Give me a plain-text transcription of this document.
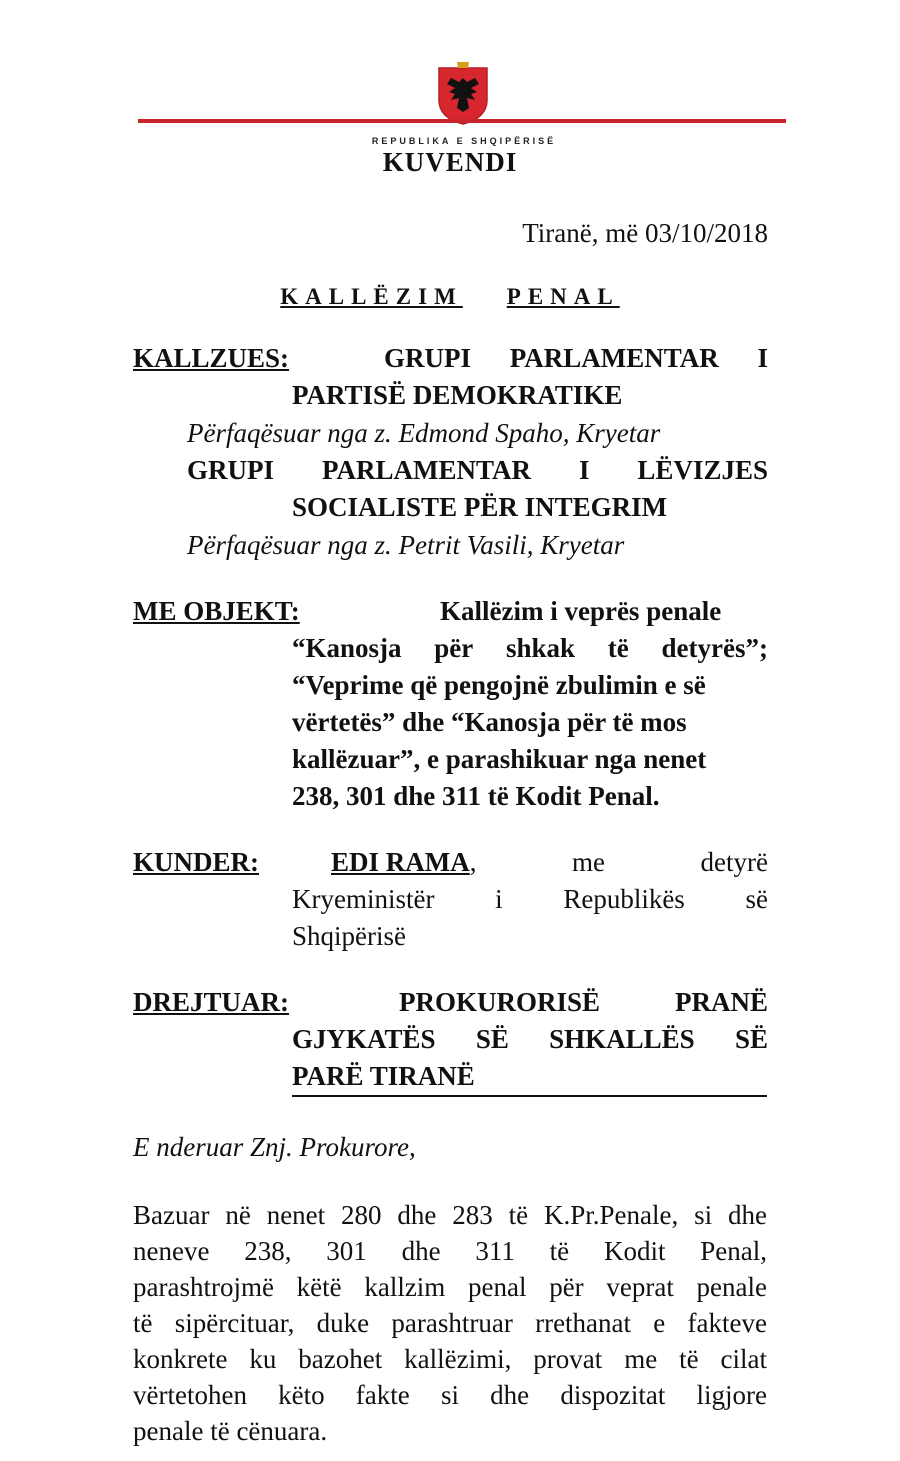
REPUBLIKA E SHQIPËRISË
KUVENDI
Tiranë, më 03/10/2018
KALLËZIM PENAL
KALLZUES:	GRUPI PARLAMENTAR I
PARTISË DEMOKRATIKE
Përfaqësuar nga z. Edmond Spaho, Kryetar
GRUPI PARLAMENTAR I LËVIZJES
SOCIALISTE PËR INTEGRIM
Përfaqësuar nga z. Petrit Vasili, Kryetar
ME OBJEKT:	Kallëzim i veprës penale
“Kanosja për shkak të detyrës”;
“Veprime që pengojnë zbulimin e së
vërtetës” dhe “Kanosja për të mos
kallëzuar”, e parashikuar nga nenet
238, 301 dhe 311 të Kodit Penal.
KUNDER:	EDI RAMA,	me	detyrë
Kryeministër i Republikës së
Shqipërisë
DREJTUAR:	PROKURORISË	PRANË
GJYKATËS SË SHKALLËS SË
PARË TIRANË
E nderuar Znj. Prokurore,
Bazuar në nenet 280 dhe 283 të K.Pr.Penale, si dhe
neneve 238, 301 dhe 311 të Kodit Penal,
parashtrojmë këtë kallzim penal për veprat penale
të sipërcituar, duke parashtruar rrethanat e fakteve
konkrete ku bazohet kallëzimi, provat me të cilat
vërtetohen këto fakte si dhe dispozitat ligjore
penale të cënuara.
